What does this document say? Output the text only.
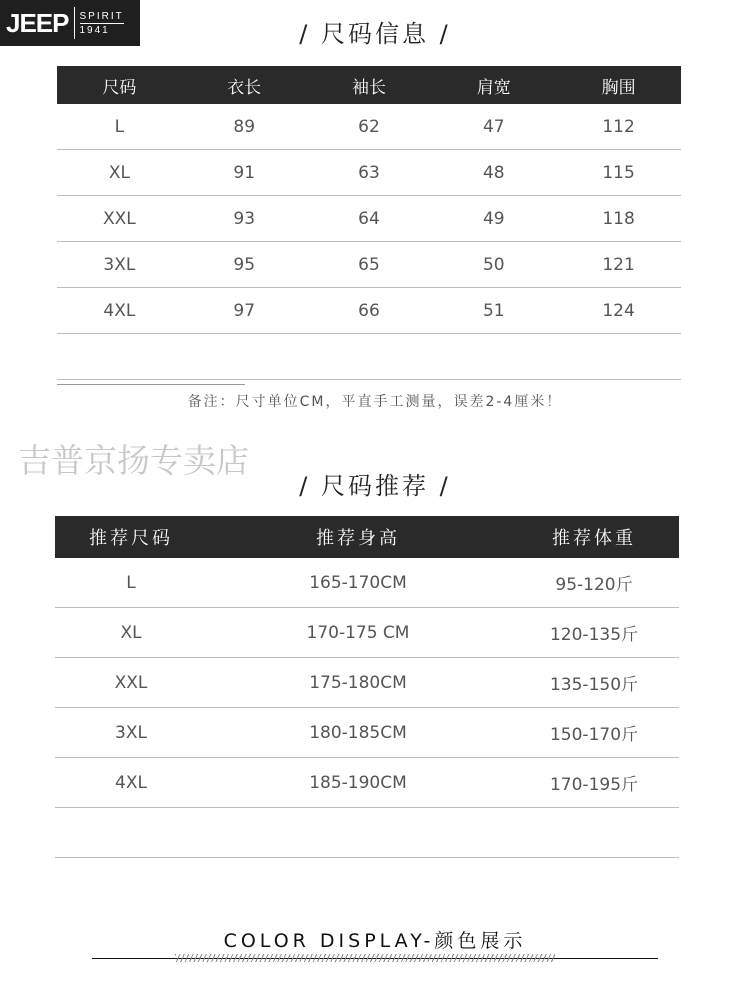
JEEP SPIRIT
1941	/ 尺码信息 /
尺码	衣长	袖长	肩宽	胸围
L	89	62	47	112
XL	91	63	48	115
XXL	93	64	49	118
3XL	95	65	50	121
4XL	97	66	51	124

备注：尺寸单位CM，平直手工测量，误差2-4厘米！
吉普京扬专卖店
/ 尺码推荐 /
推荐尺码	推荐身高	推荐体重
L	165-170CM	95-120斤
XL	170-175 CM	120-135斤
XXL	175-180CM	135-150斤
3XL	180-185CM	150-170斤
4XL	185-190CM	170-195斤

COLOR DISPLAY-颜色展示
